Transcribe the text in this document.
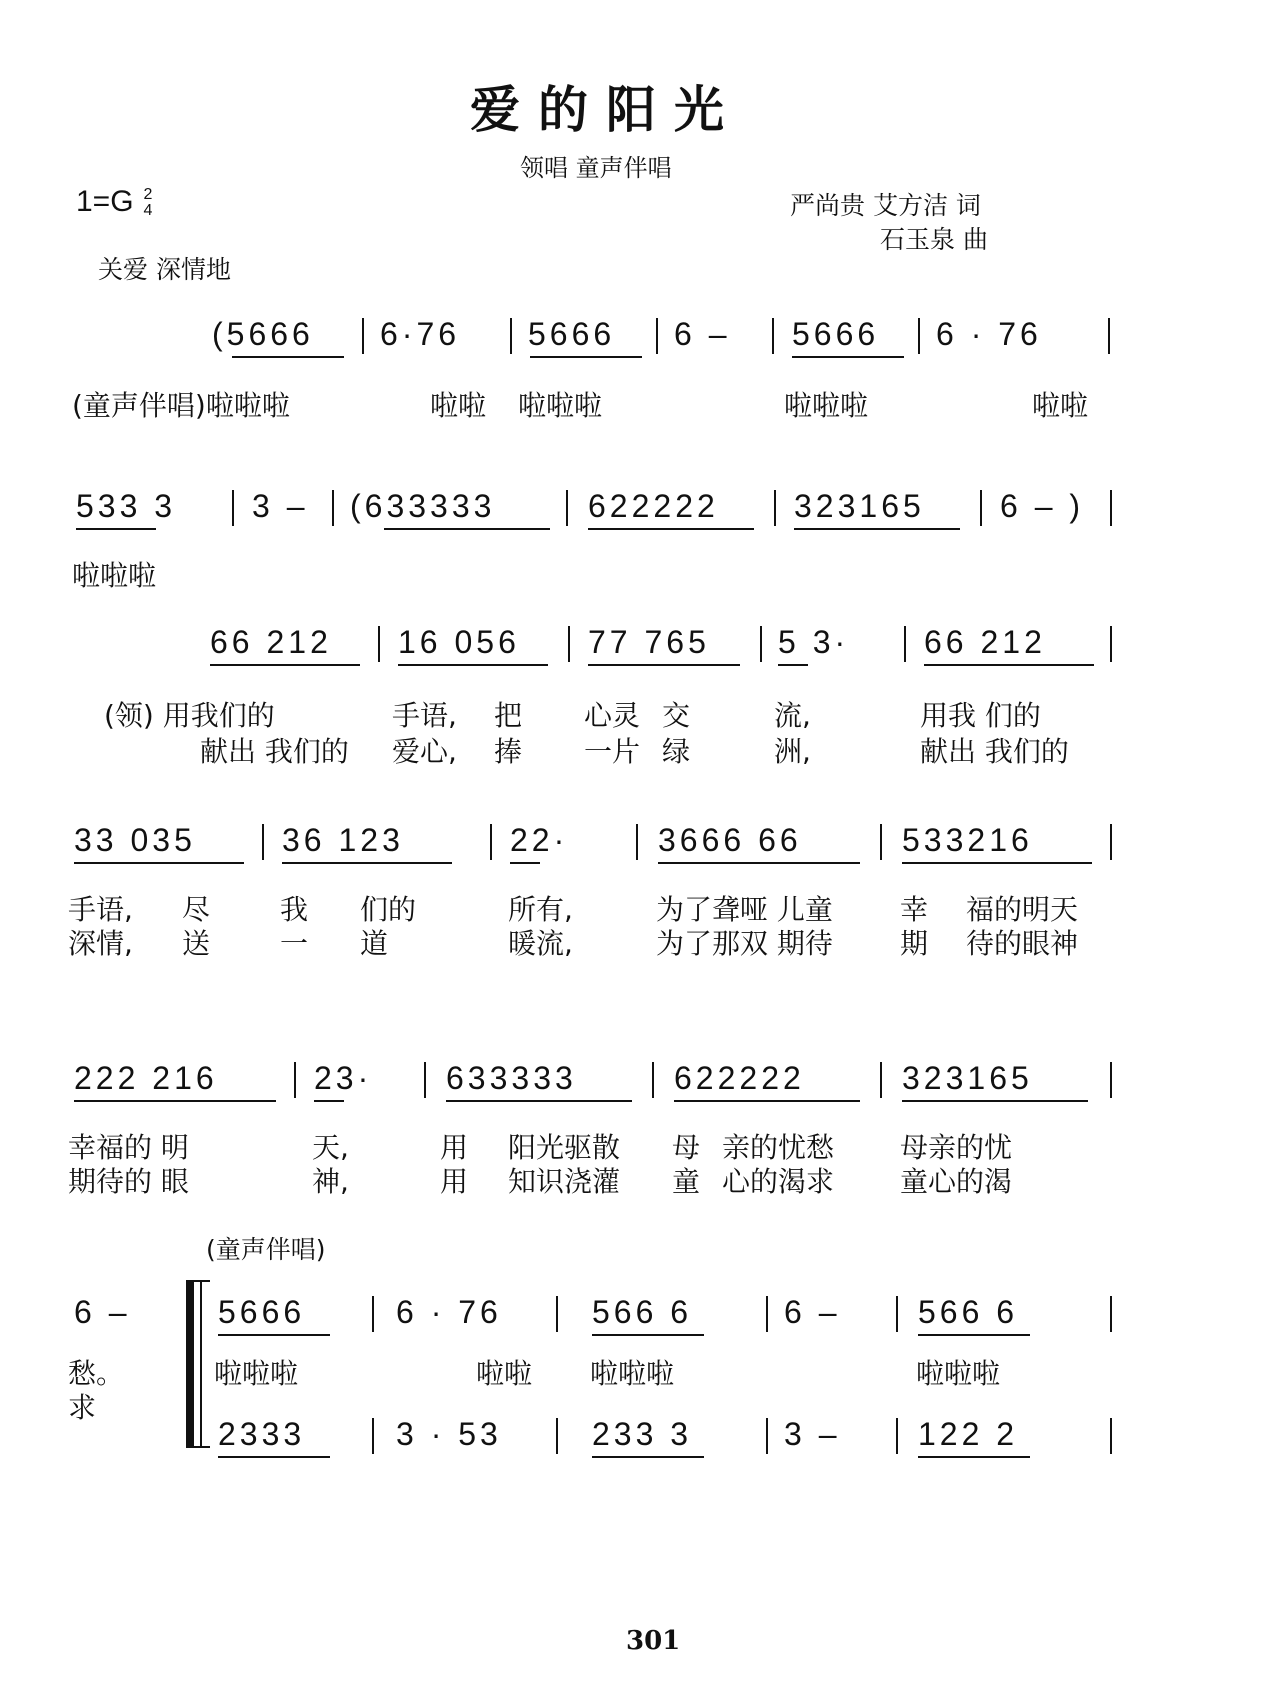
爱的阳光
领唱 童声伴唱
1=G 2
4	严尚贵 艾方洁 词
石玉泉 曲
关爱 深情地
(5666 6·76 5666 6 – 5666 6 · 76
(童声伴唱)啦啦啦	啦啦 啦啦啦	啦啦啦	啦啦
533 3 3 – (633333	622222 323165 6 – )
啦啦啦
66 212 16 056 77 765 5 3· 66 212
(领) 用我们的	手语, 把 心灵 交	流,	用我 们的
献出 我们的 爱心, 捧 一片 绿	洲,	献出 我们的
33 035	36 123	22·	3666 66	533216
手语, 尽 我 们的	所有,	为了聋哑 儿童 幸 福的明天
深情, 送 一 道	暖流,	为了那双 期待 期 待的眼神
222 216	23· 633333	622222	323165
幸福的 明	天,	用 阳光驱散 母 亲的忧愁 母亲的忧
期待的 眼	神,	用 知识浇灌 童 心的渴求 童心的渴
(童声伴唱)
6 –
愁。
求
5666	6 · 76	566 6	6 – 566 6
啦啦啦	啦啦 啦啦啦	啦啦啦
2333	3 · 53	233 3	3 – 122 2
301
